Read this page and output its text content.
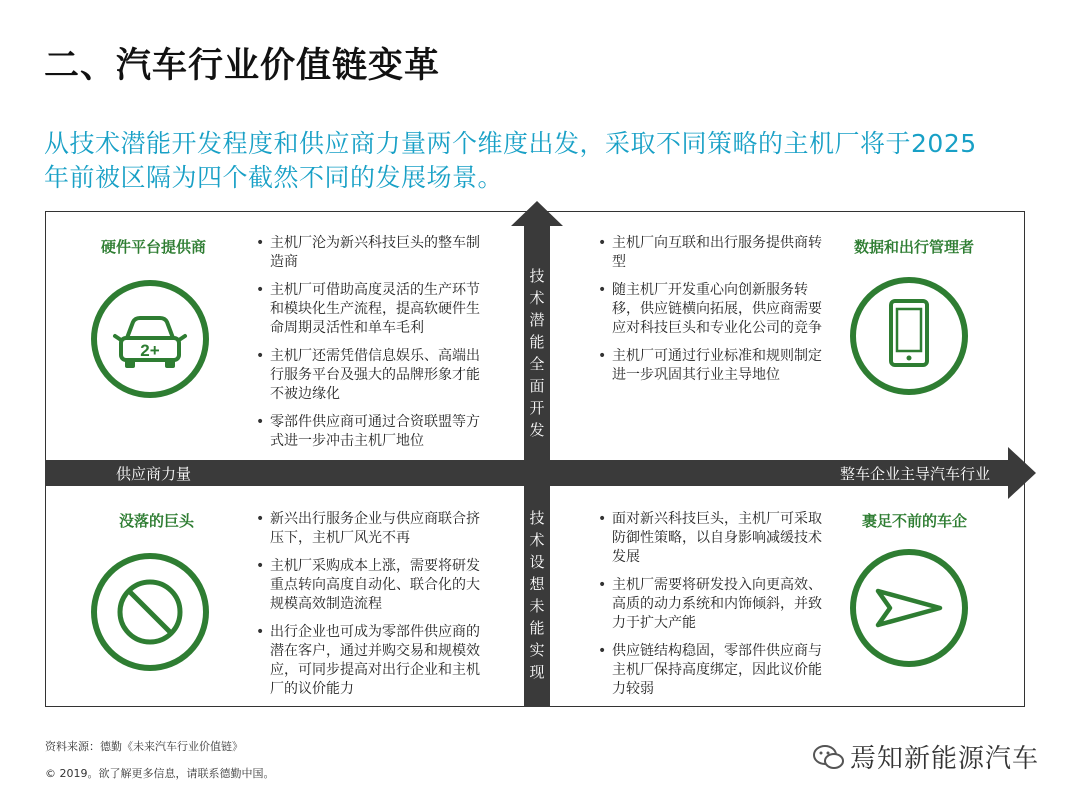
二、汽车行业价值链变革
从技术潜能开发程度和供应商力量两个维度出发，采取不同策略的主机厂将于2025
年前被区隔为四个截然不同的发展场景。
技术潜能全面开发
技术设想未能实现
供应商力量	整车企业主导汽车行业
硬件平台提供商
2+
• 主机厂沦为新兴科技巨头的整车制造商
• 主机厂可借助高度灵活的生产环节和模块化生产流程，提高软硬件生命周期灵活性和单车毛利
• 主机厂还需凭借信息娱乐、高端出行服务平台及强大的品牌形象才能不被边缘化
• 零部件供应商可通过合资联盟等方式进一步冲击主机厂地位
数据和出行管理者
• 主机厂向互联和出行服务提供商转型
• 随主机厂开发重心向创新服务转移，供应链横向拓展，供应商需要应对科技巨头和专业化公司的竞争
• 主机厂可通过行业标准和规则制定进一步巩固其行业主导地位
没落的巨头
•	新兴出行服务企业与供应商联合挤压下，主机厂风光不再
• 主机厂采购成本上涨，需要将研发重点转向高度自动化、联合化的大规模高效制造流程
• 出行企业也可成为零部件供应商的潜在客户，通过并购交易和规模效应，可同步提高对出行企业和主机厂的议价能力
裹足不前的车企
• 面对新兴科技巨头，主机厂可采取防御性策略，以自身影响减缓技术发展
• 主机厂需要将研发投入向更高效、高质的动力系统和内饰倾斜，并致力于扩大产能
• 供应链结构稳固，零部件供应商与主机厂保持高度绑定，因此议价能力较弱
资料来源：德勤《未来汽车行业价值链》
© 2019。欲了解更多信息，请联系德勤中国。	焉知新能源汽车
